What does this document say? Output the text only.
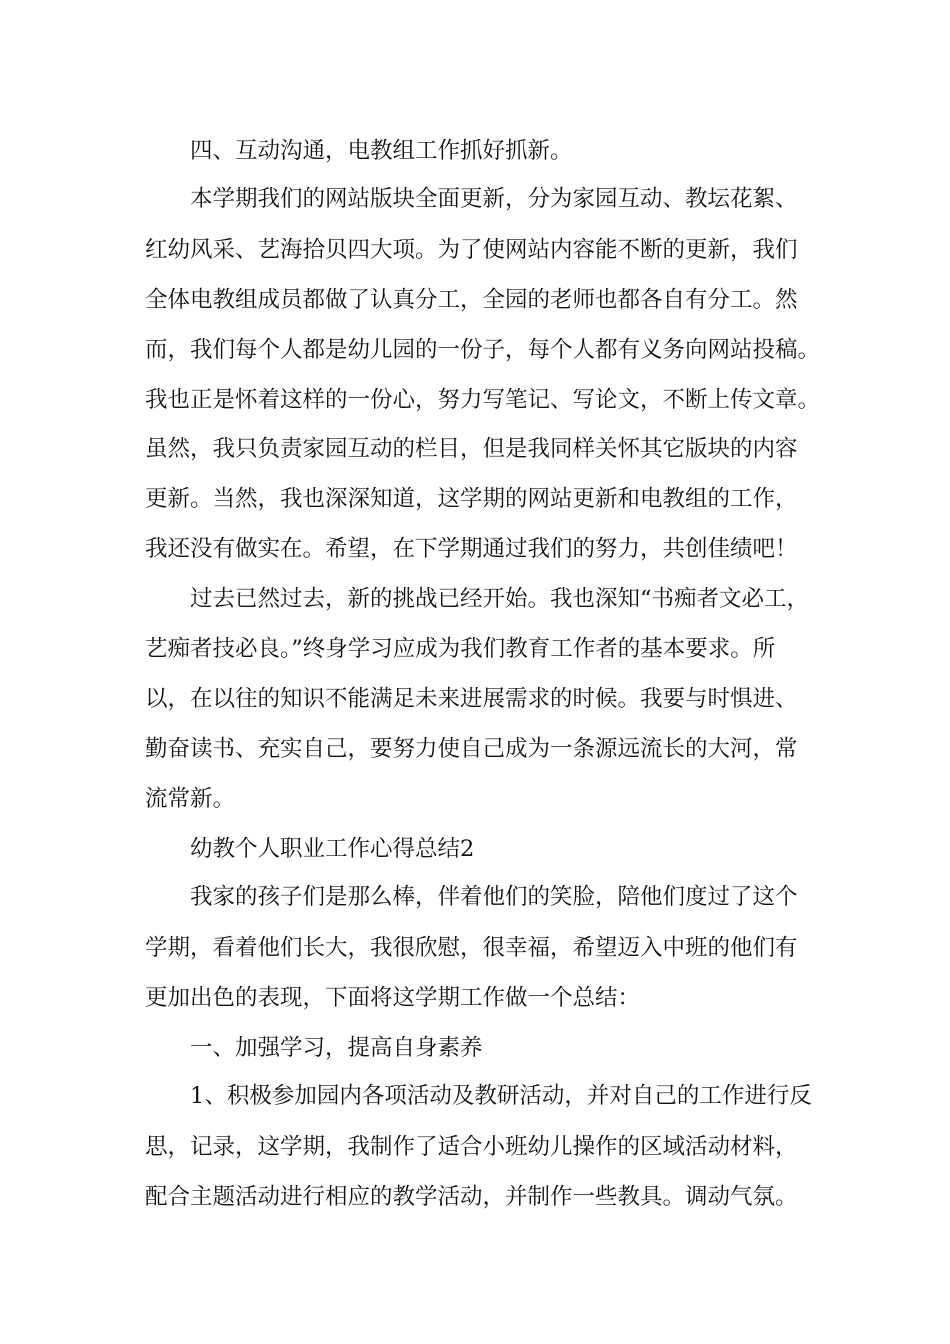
四、互动沟通，电教组工作抓好抓新。
本学期我们的网站版块全面更新，分为家园互动、教坛花絮、
红幼风采、艺海拾贝四大项。为了使网站内容能不断的更新，我们
全体电教组成员都做了认真分工，全园的老师也都各自有分工。然
而，我们每个人都是幼儿园的一份子，每个人都有义务向网站投稿。
我也正是怀着这样的一份心，努力写笔记、写论文，不断上传文章。
虽然，我只负责家园互动的栏目，但是我同样关怀其它版块的内容
更新。当然，我也深深知道，这学期的网站更新和电教组的工作，
我还没有做实在。希望，在下学期通过我们的努力，共创佳绩吧！
过去已然过去，新的挑战已经开始。我也深知“书痴者文必工，
艺痴者技必良。”终身学习应成为我们教育工作者的基本要求。所
以，在以往的知识不能满足未来进展需求的时候。我要与时惧进、
勤奋读书、充实自己，要努力使自己成为一条源远流长的大河，常
流常新。
幼教个人职业工作心得总结2
我家的孩子们是那么棒，伴着他们的笑脸，陪他们度过了这个
学期，看着他们长大，我很欣慰，很幸福，希望迈入中班的他们有
更加出色的表现，下面将这学期工作做一个总结：
一、加强学习，提高自身素养
1、积极参加园内各项活动及教研活动，并对自己的工作进行反
思，记录，这学期，我制作了适合小班幼儿操作的区域活动材料，
配合主题活动进行相应的教学活动，并制作一些教具。调动气氛。
